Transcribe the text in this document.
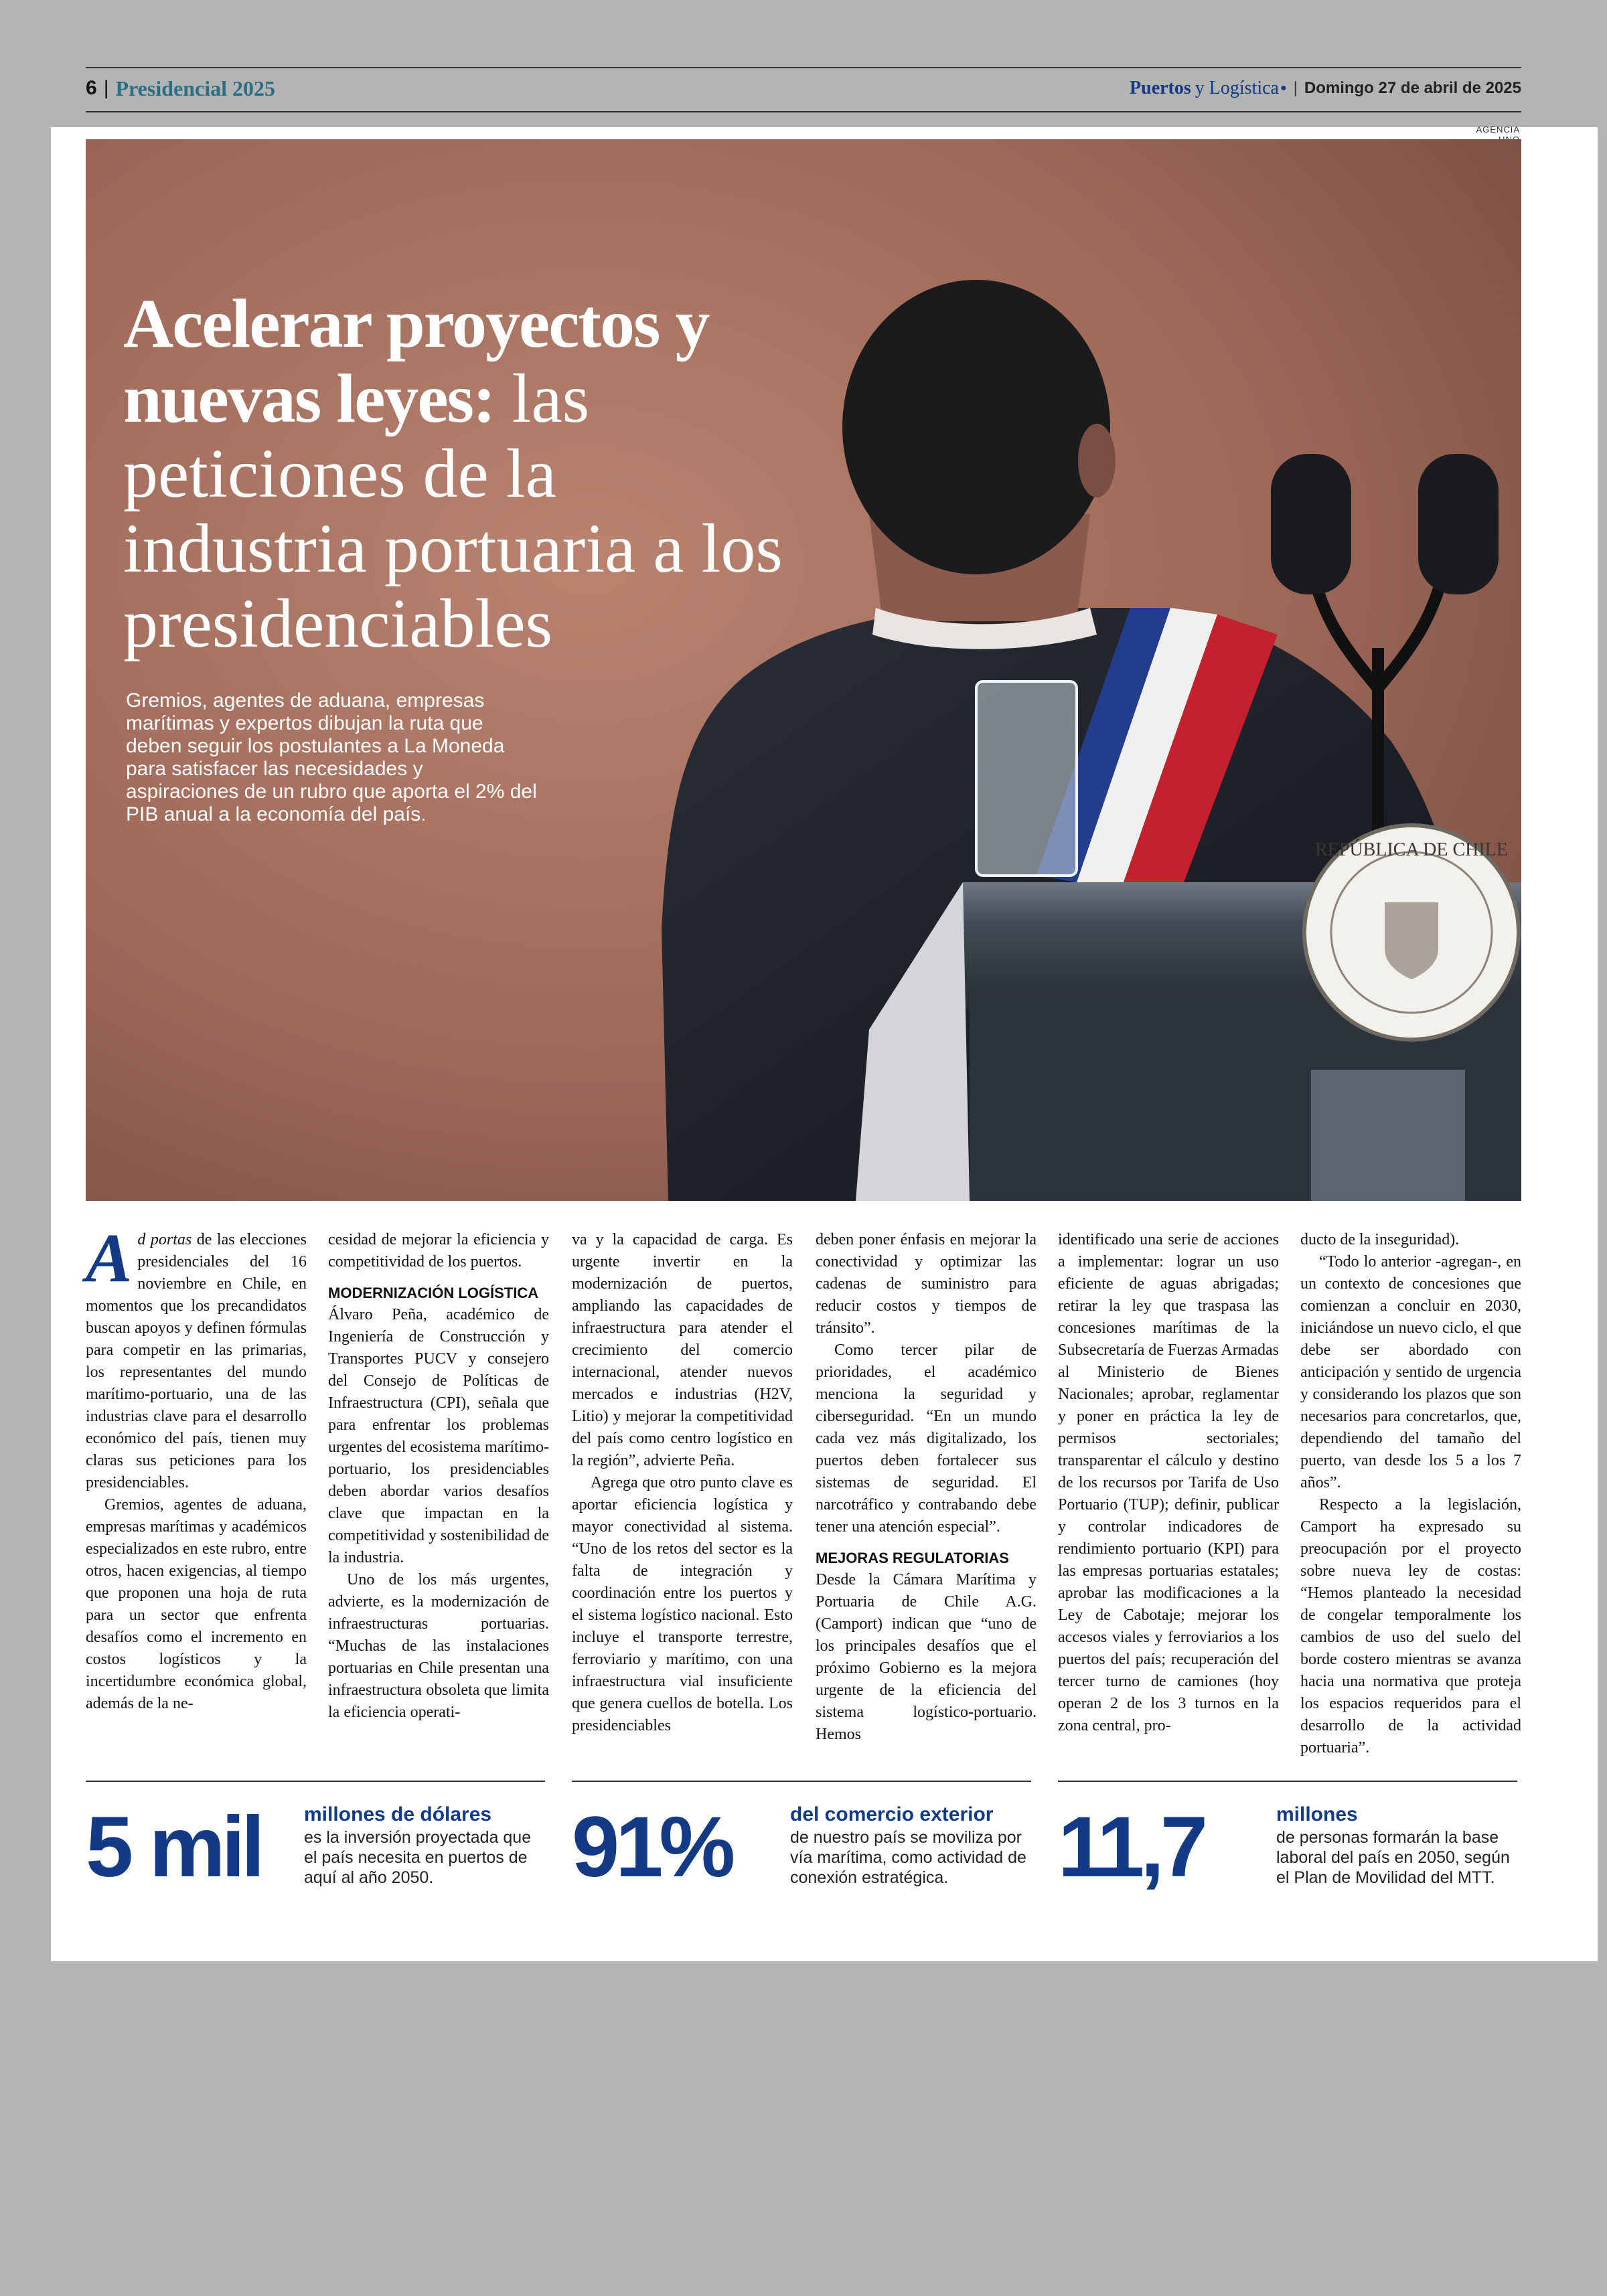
6 | Presidencial 2025	Puertos y Logística ● | Domingo 27 de abril de 2025
AGENCIA
REPÚBLICA DE CHILE
Acelerar proyectos y nuevas leyes: las peticiones de la industria portuaria a los presidenciables
Gremios, agentes de aduana, empresas marítimas y expertos dibujan la ruta que deben seguir los postulantes a La Moneda para satisfacer las necesidades y aspiraciones de un rubro que aporta el 2% del PIB anual a la economía del país.

Ad portas de las elecciones presidenciales del 16 noviembre en Chile, en momentos que los precandidatos buscan apoyos y definen fórmulas para competir en las primarias, los representantes del mundo marítimo-portuario, una de las industrias clave para el desarrollo económico del país, tienen muy claras sus peticiones para los presidenciables.

Gremios, agentes de aduana, empresas marítimas y académicos especializados en este rubro, entre otros, hacen exigencias, al tiempo que proponen una hoja de ruta para un sector que enfrenta desafíos como el incremento en costos logísticos y la incertidumbre económica global, además de la ne-

cesidad de mejorar la eficiencia y competitividad de los puertos.

MODERNIZACIÓN LOGÍSTICA

Álvaro Peña, académico de Ingeniería de Construcción y Transportes PUCV y consejero del Consejo de Políticas de Infraestructura (CPI), señala que para enfrentar los problemas urgentes del ecosistema marítimo-portuario, los presidenciables deben abordar varios desafíos clave que impactan en la competitividad y sostenibilidad de la industria.

Uno de los más urgentes, advierte, es la modernización de infraestructuras portuarias. “Muchas de las instalaciones portuarias en Chile presentan una infraestructura obsoleta que limita la eficiencia operati-

va y la capacidad de carga. Es urgente invertir en la modernización de puertos, ampliando las capacidades de infraestructura para atender el crecimiento del comercio internacional, atender nuevos mercados e industrias (H2V, Litio) y mejorar la competitividad del país como centro logístico en la región”, advierte Peña.

Agrega que otro punto clave es aportar eficiencia logística y mayor conectividad al sistema. “Uno de los retos del sector es la falta de integración y coordinación entre los puertos y el sistema logístico nacional. Esto incluye el transporte terrestre, ferroviario y marítimo, con una infraestructura vial insuficiente que genera cuellos de botella. Los presidenciables

deben poner énfasis en mejorar la conectividad y optimizar las cadenas de suministro para reducir costos y tiempos de tránsito”.

Como tercer pilar de prioridades, el académico menciona la seguridad y ciberseguridad. “En un mundo cada vez más digitalizado, los puertos deben fortalecer sus sistemas de seguridad. El narcotráfico y contrabando debe tener una atención especial”.

MEJORAS REGULATORIAS

Desde la Cámara Marítima y Portuaria de Chile A.G. (Camport) indican que “uno de los principales desafíos que el próximo Gobierno es la mejora urgente de la eficiencia del sistema logístico-portuario. Hemos

identificado una serie de acciones a implementar: lograr un uso eficiente de aguas abrigadas; retirar la ley que traspasa las concesiones marítimas de la Subsecretaría de Fuerzas Armadas al Ministerio de Bienes Nacionales; aprobar, reglamentar y poner en práctica la ley de permisos sectoriales; transparentar el cálculo y destino de los recursos por Tarifa de Uso Portuario (TUP); definir, publicar y controlar indicadores de rendimiento portuario (KPI) para las empresas portuarias estatales; aprobar las modificaciones a la Ley de Cabotaje; mejorar los accesos viales y ferroviarios a los puertos del país; recuperación del tercer turno de camiones (hoy operan 2 de los 3 turnos en la zona central, pro-

ducto de la inseguridad).

“Todo lo anterior -agregan-, en un contexto de concesiones que comienzan a concluir en 2030, iniciándose un nuevo ciclo, el que debe ser abordado con anticipación y sentido de urgencia y considerando los plazos que son necesarios para concretarlos, que, dependiendo del tamaño del puerto, van desde los 5 a los 7 años”.

Respecto a la legislación, Camport ha expresado su preocupación por el proyecto sobre nueva ley de costas: “Hemos planteado la necesidad de congelar temporalmente los cambios de uso del suelo del borde costero mientras se avanza hacia una normativa que proteja los espacios requeridos para el desarrollo de la actividad portuaria”.

5 mil millones de dólares
es la inversión proyectada que el país necesita en puertos de aquí al año 2050.	91%	del comercio exterior
de nuestro país se moviliza por vía marítima, como actividad de conexión estratégica.	11,7	millones
de personas formarán la base laboral del país en 2050, según el Plan de Movilidad del MTT.
